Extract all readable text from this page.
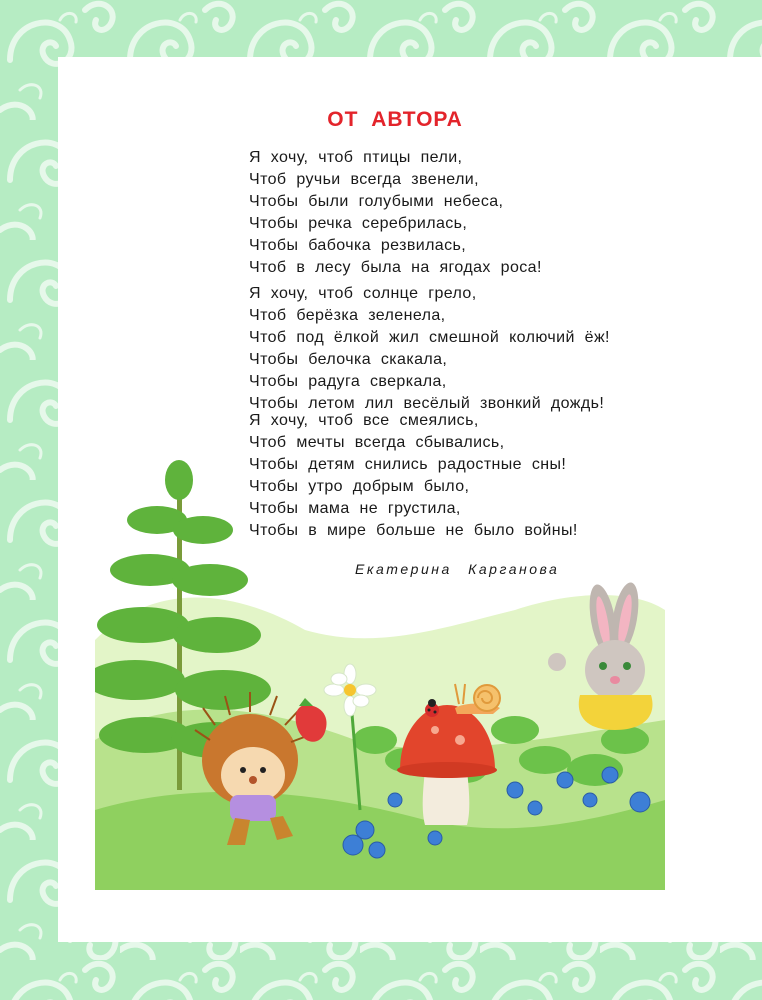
ОТ АВТОРА
Я хочу, чтоб птицы пели,
Чтоб ручьи всегда звенели,
Чтобы были голубыми небеса,
Чтобы речка серебрилась,
Чтобы бабочка резвилась,
Чтоб в лесу была на ягодах роса!
Я хочу, чтоб солнце грело,
Чтоб берёзка зеленела,
Чтоб под ёлкой жил смешной колючий ёж!
Чтобы белочка скакала,
Чтобы радуга сверкала,
Чтобы летом лил весёлый звонкий дождь!
Я хочу, чтоб все смеялись,
Чтоб мечты всегда сбывались,
Чтобы детям снились радостные сны!
Чтобы утро добрым было,
Чтобы мама не грустила,
Чтобы в мире больше не было войны!
Екатерина Карганова
